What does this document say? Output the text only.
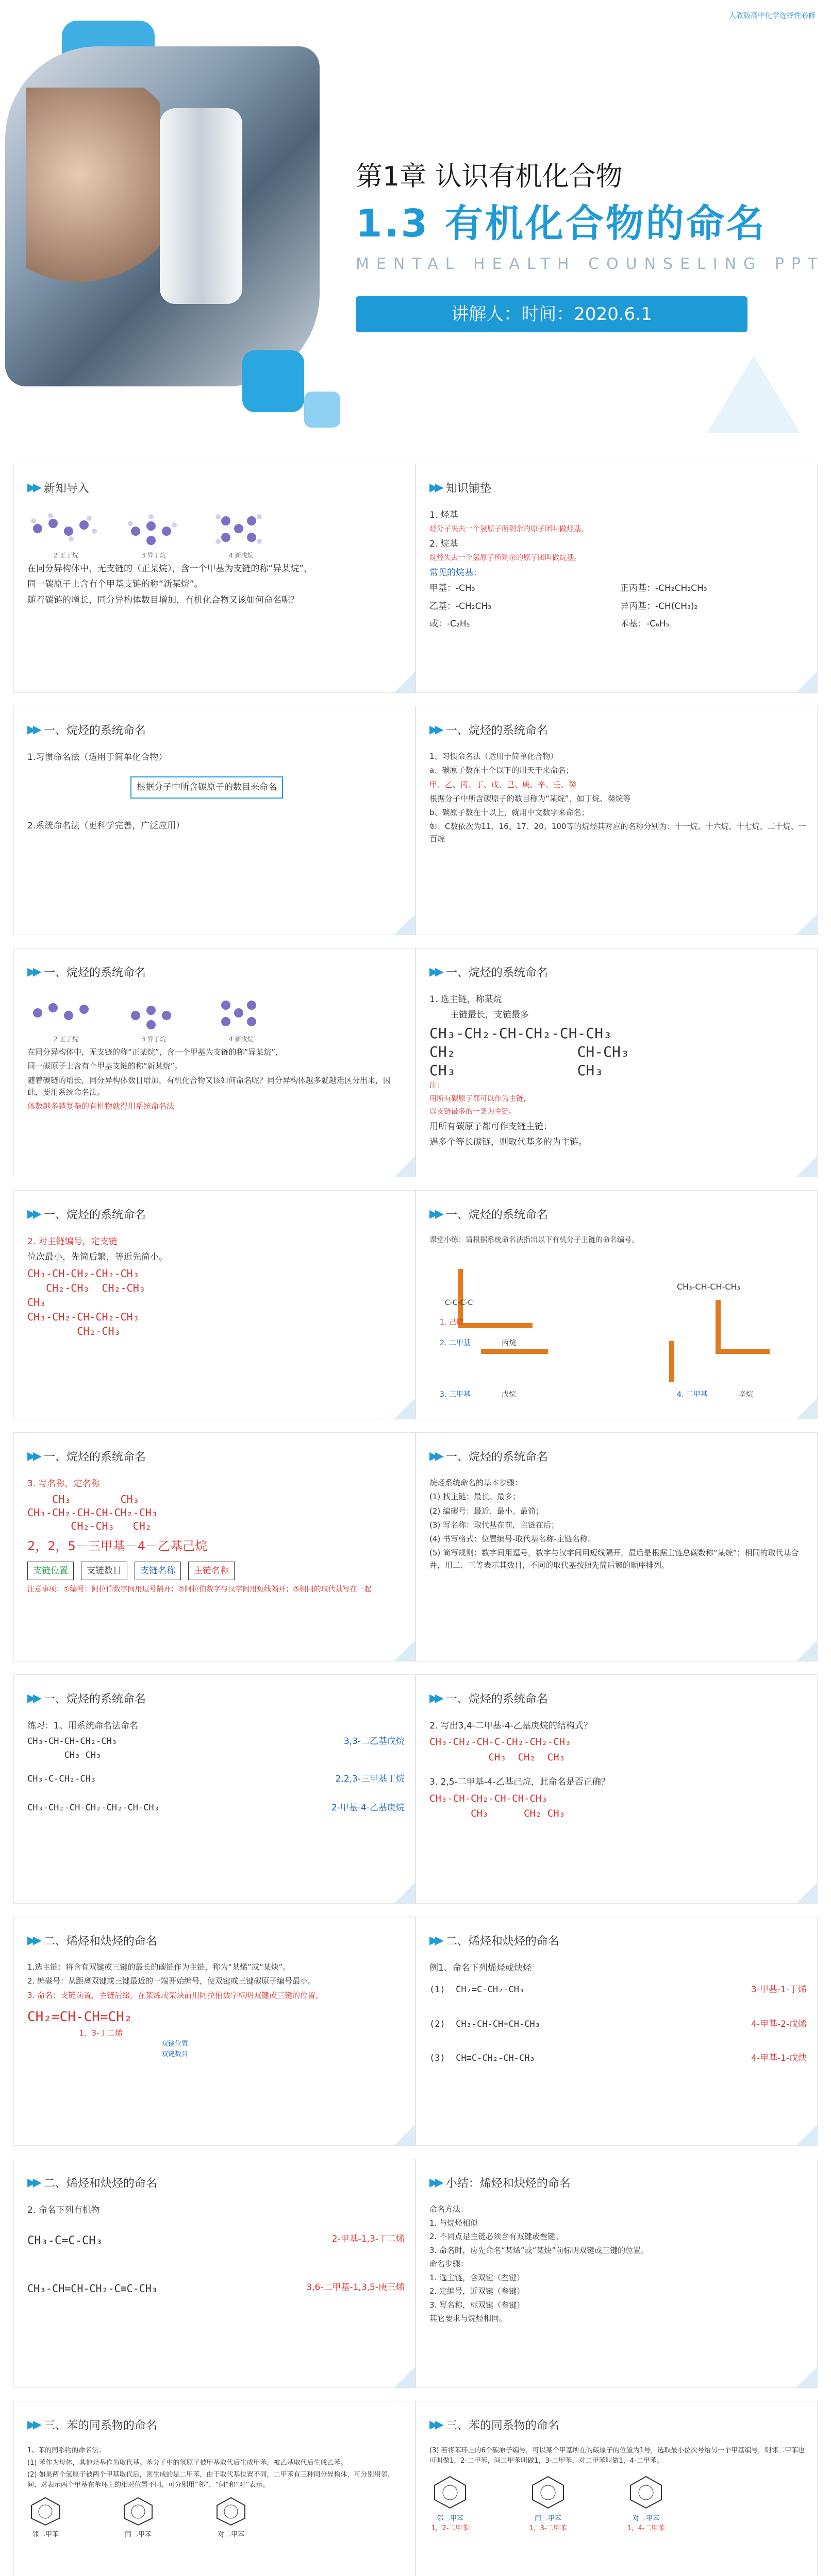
人教版高中化学选择性必修
第1章 认识有机化合物
1.3 有机化合物的命名
MENTAL HEALTH COUNSELING PPT
讲解人：时间：2020.6.1
▶▶ 新知导入
2 正丁烷	3 异丁烷	4 新戊烷

在同分异构体中，无支链的（正某烷），含一个甲基为支链的称“异某烷”，

同一碳原子上含有个甲基支链的称“新某烷”。

随着碳链的增长，同分异构体数目增加，有机化合物又该如何命名呢？

▶▶ 知识铺垫

1. 烃基

烃分子失去一个氢原子所剩余的原子团叫做烃基。

2. 烷基

烷烃失去一个氢原子所剩余的原子团叫做烷基。

常见的烷基：

甲基：-CH₃	正丙基：-CH₂CH₂CH₃
乙基：-CH₂CH₃	异丙基：-CH(CH₃)₂
或：-C₂H₅	苯基：-C₆H₅
▶▶ 一、烷烃的系统命名

1.习惯命名法（适用于简单化合物）

根据分子中所含碳原子的数目来命名

2.系统命名法（更科学完善，广泛应用）

▶▶ 一、烷烃的系统命名

1、习惯命名法（适用于简单化合物）

a、碳原子数在十个以下的用天干来命名；

甲、乙、丙、丁、戊、己、庚、辛、壬、癸

根据分子中所含碳原子的数目称为“某烷”，如丁烷、癸烷等

b、碳原子数在十以上，就用中文数字来命名；

如：C数依次为11、16、17、20、100等的烷烃其对应的名称分别为：十一烷、十六烷、十七烷、二十烷、一百烷

▶▶ 一、烷烃的系统命名
2 正丁烷	3 异丁烷	4 新戊烷

在同分异构体中，无支链的称“正某烷”，含一个甲基为支链的称“异某烷”，

同一碳原子上含有个甲基支链的称“新某烷”。

随着碳链的增长，同分异构体数目增加，有机化合物又该如何命名呢？同分异构体越多就越难区分出来，因此，要用系统命名法。

体数越多越复杂的有机物就得用系统命名法

▶▶ 一、烷烃的系统命名

1. 选主链，称某烷

主链最长，支链最多

CH₃-CH₂-CH-CH₂-CH-CH₃
CH₂              CH-CH₃
CH₃              CH₃

注：

用所有碳原子都可以作为主链，

以支链最多的一条为主链。

用所有碳原子都可作支链主链：

遇多个等长碳链，则取代基多的为主链。

▶▶ 一、烷烃的系统命名

2. 对主链编号，定支链

位次最小，先简后繁，等近先简小。

CH₃-CH-CH₂-CH₂-CH₃
CH₂-CH₃  CH₂-CH₃
CH₃
CH₃-CH₂-CH-CH₂-CH₃
CH₂-CH₃
▶▶ 一、烷烃的系统命名

课堂小练：请根据系统命名法指出以下有机分子主链的命名编号。

C-C-C-C
CH₃-CH-CH-CH₃
1. 己烷
2. 二甲基	丙烷
3. 三甲基	戊烷	4. 二甲基	辛烷
▶▶ 一、烷烃的系统命名

3. 写名称，定名称

CH₃        CH₃
CH₃-CH₂-CH-CH-CH₂-CH₃
CH₂-CH₃   CH₂

2，2，5－三甲基－4－乙基己烷

支链位置	支链数目	支链名称	主链名称

注意事项：①编号：阿拉伯数字间用逗号隔开；②阿拉伯数字与汉字间用短线隔开；③相同的取代基写在一起

▶▶ 一、烷烃的系统命名

烷烃系统命名的基本步骤：

(1) 找主链：最长、最多；

(2) 编碳号：最近、最小、最简；

(3) 写名称：取代基在前，主链在后；

(4) 书写格式：位置编号-取代基名称-主链名称。

(5) 简写规则：数字间用逗号，数字与汉字间用短线隔开，最后是根据主链总碳数称“某烷”；相同的取代基合并，用二、三等表示其数目，不同的取代基按照先简后繁的顺序排列。

▶▶ 一、烷烃的系统命名

练习：1、用系统命名法命名

CH₃-CH-CH-CH₂-CH₃	3,3-二乙基戊烷
CH₃ CH₃
CH₃-C-CH₂-CH₃	2,2,3-三甲基丁烷
CH₃-CH₂-CH-CH₂-CH₂-CH-CH₃	2-甲基-4-乙基庚烷
▶▶ 一、烷烃的系统命名

2. 写出3,4-二甲基-4-乙基庚烷的结构式？

CH₃-CH₂-CH-C-CH₂-CH₂-CH₃
CH₃  CH₂  CH₃

3. 2,5-二甲基-4-乙基己烷，此命名是否正确？

CH₃-CH-CH₂-CH-CH-CH₃
CH₃      CH₂ CH₃
▶▶ 二、烯烃和炔烃的命名

1.选主链：将含有双键或三键的最长的碳链作为主链，称为“某烯”或“某炔”。

2. 编碳号：从距离双键或三键最近的一端开始编号，使双键或三键碳原子编号最小。

3. 命名：支链前置，主链后缀，在某烯或某炔前用阿拉伯数字标明双键或三键的位置。

CH₂=CH-CH=CH₂
1，3-丁二烯
双键位置
双键数目
▶▶ 二、烯烃和炔烃的命名

例1、命名下列烯烃或炔烃

(1)  CH₂=C-CH₂-CH₃	3-甲基-1-丁烯
(2)  CH₃-CH-CH=CH-CH₃	4-甲基-2-戊烯
(3)  CH≡C-CH₂-CH-CH₃	4-甲基-1-戊炔
▶▶ 二、烯烃和炔烃的命名

2. 命名下列有机物

CH₃-C=C-CH₃	2-甲基-1,3-丁二烯
CH₃-CH=CH-CH₂-C≡C-CH₃	3,6-二甲基-1,3,5-庚三烯
▶▶ 小结：烯烃和炔烃的命名

命名方法：

1. 与烷烃相似

2. 不同点是主链必须含有双键或叁键。

3. 命名时，应先命名“某烯”或“某炔”前标明双键或三键的位置。

命名步骤：

1. 选主链，含双键（叁键）

2. 定编号，近双键（叁键）

3. 写名称，标双键（叁键）

其它要求与烷烃相同。

▶▶ 三、苯的同系物的命名

1、苯的同系物的命名法：

(1) 苯作为母体，其他烃基作为取代基。苯分子中的氢原子被甲基取代后生成甲苯，被乙基取代后生成乙苯。

(2) 如果两个氢原子被两个甲基取代后，则生成的是二甲苯，由于取代基位置不同，二甲苯有三种同分异构体，可分别用邻、间、对表示两个甲基在苯环上的相对位置不同。可分别用“邻”、“间”和“对”表示。

邻二甲苯	间二甲苯	对二甲苯
▶▶ 三、苯的同系物的命名

(3) 若将苯环上的6个碳原子编号，可以某个甲基所在的碳原子的位置为1号，选取最小位次号给另一个甲基编号，则邻二甲苯也可叫做1，2-二甲苯，间二甲苯叫做1，3-二甲苯，对二甲苯叫做1，4-二甲苯。

邻二甲苯
1，2-二甲苯
间二甲苯
1，3-二甲苯
对二甲苯
1，4-二甲苯
